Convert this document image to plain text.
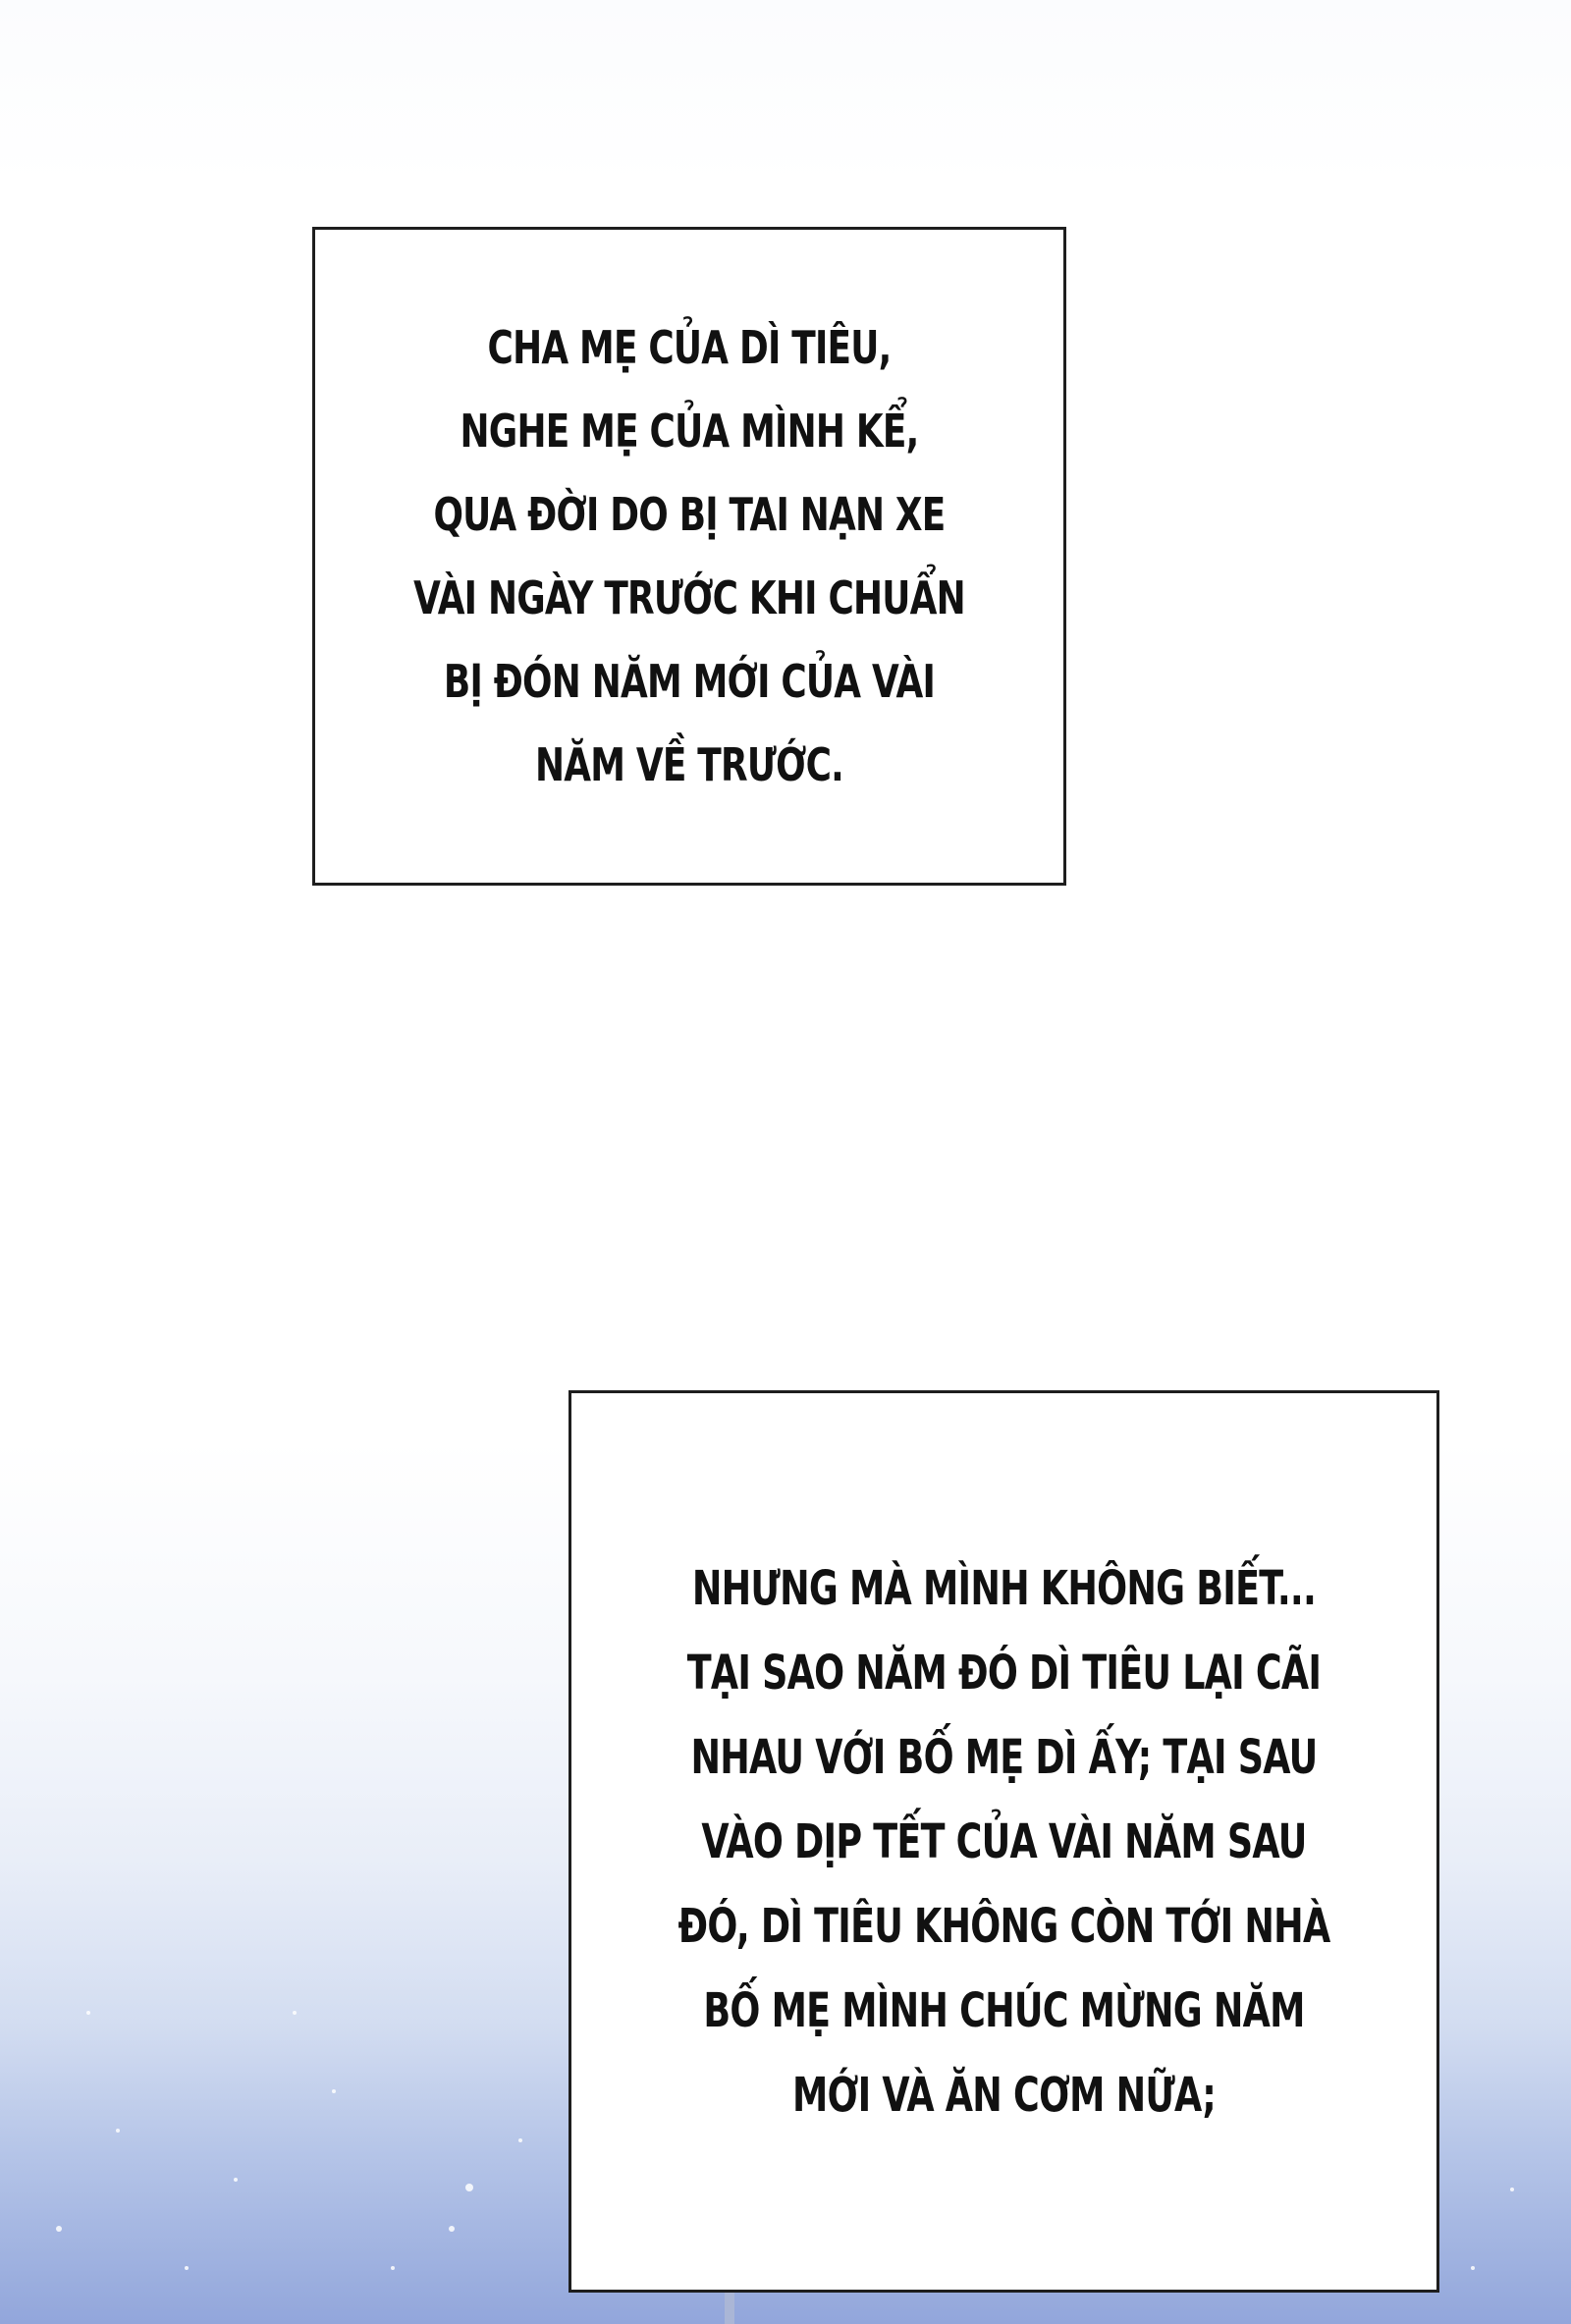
CHA MẸ CỦA DÌ TIÊU,
NGHE MẸ CỦA MÌNH KỂ,
QUA ĐỜI DO BỊ TAI NẠN XE
VÀI NGÀY TRƯỚC KHI CHUẨN
BỊ ĐÓN NĂM MỚI CỦA VÀI
NĂM VỀ TRƯỚC.

NHƯNG MÀ MÌNH KHÔNG BIẾT...
TẠI SAO NĂM ĐÓ DÌ TIÊU LẠI CÃI
NHAU VỚI BỐ MẸ DÌ ẤY; TẠI SAU
VÀO DỊP TẾT CỦA VÀI NĂM SAU
ĐÓ, DÌ TIÊU KHÔNG CÒN TỚI NHÀ
BỐ MẸ MÌNH CHÚC MỪNG NĂM
MỚI VÀ ĂN CƠM NỮA;
